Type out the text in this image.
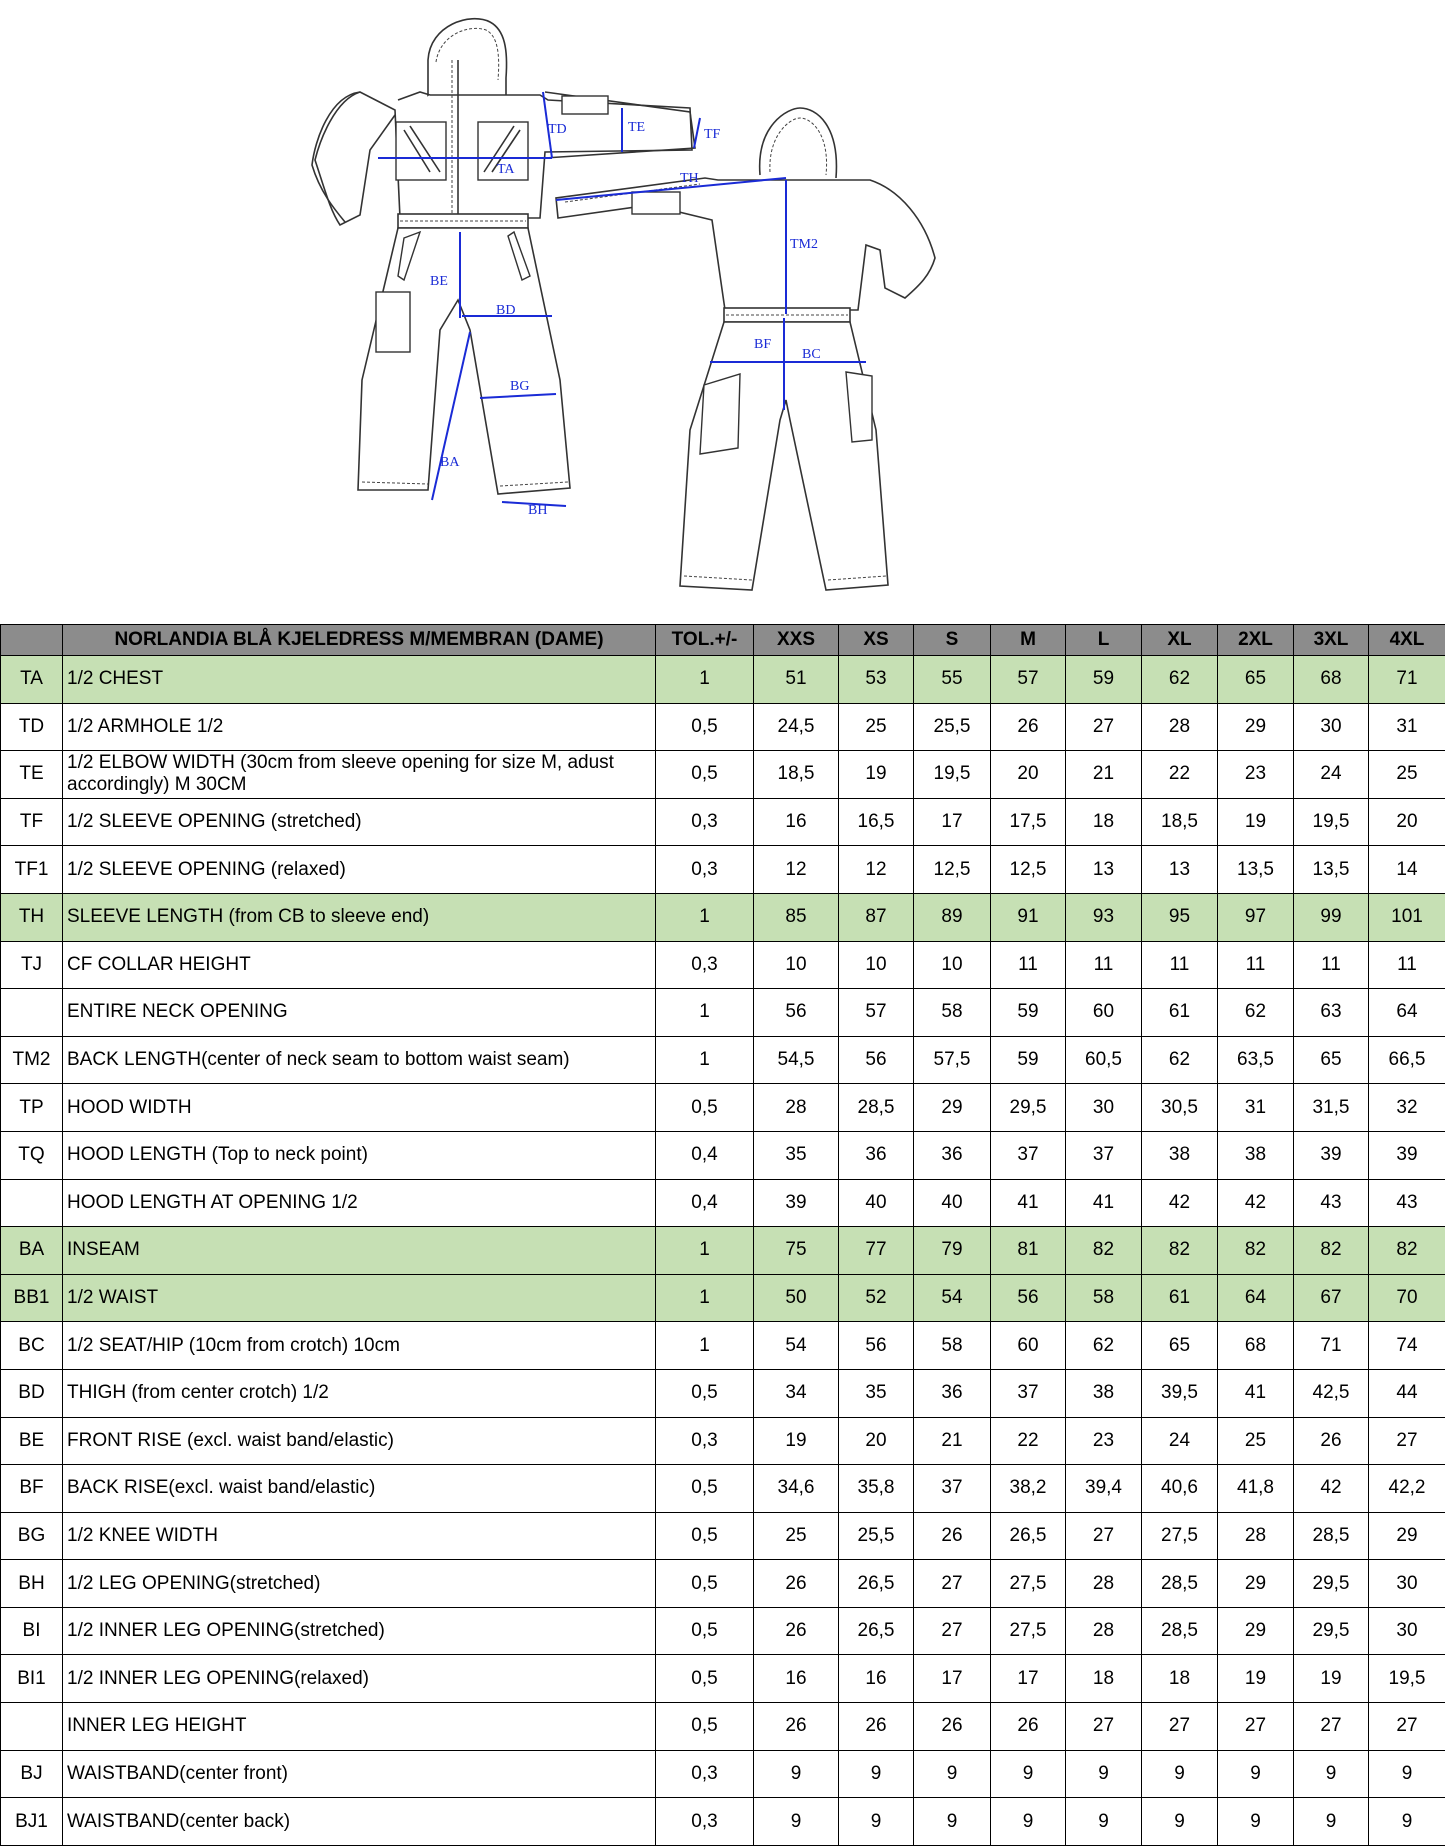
TA
TD	TE	TF
BE
BD
BG
BA
BH
TH
TM2
BF
BC
	NORLANDIA BLÅ KJELEDRESS M/MEMBRAN (DAME)	TOL.+/-	XXS	XS	S	M	L	XL	2XL	3XL	4XL
TA	1/2 CHEST	1	51	53	55	57	59	62	65	68	71
TD	1/2 ARMHOLE 1/2	0,5	24,5	25	25,5	26	27	28	29	30	31
TE	1/2 ELBOW WIDTH (30cm from sleeve opening for size M, adust accordingly) M 30CM	0,5	18,5	19	19,5	20	21	22	23	24	25
TF	1/2 SLEEVE OPENING (stretched)	0,3	16	16,5	17	17,5	18	18,5	19	19,5	20
TF1	1/2 SLEEVE OPENING (relaxed)	0,3	12	12	12,5	12,5	13	13	13,5	13,5	14
TH	SLEEVE LENGTH (from CB to sleeve end)	1	85	87	89	91	93	95	97	99	101
TJ	CF COLLAR HEIGHT	0,3	10	10	10	11	11	11	11	11	11
	ENTIRE NECK OPENING	1	56	57	58	59	60	61	62	63	64
TM2	BACK LENGTH(center of neck seam to bottom waist seam)	1	54,5	56	57,5	59	60,5	62	63,5	65	66,5
TP	HOOD WIDTH	0,5	28	28,5	29	29,5	30	30,5	31	31,5	32
TQ	HOOD LENGTH (Top to neck point)	0,4	35	36	36	37	37	38	38	39	39
	HOOD LENGTH AT OPENING 1/2	0,4	39	40	40	41	41	42	42	43	43
BA	INSEAM	1	75	77	79	81	82	82	82	82	82
BB1	1/2 WAIST	1	50	52	54	56	58	61	64	67	70
BC	1/2 SEAT/HIP (10cm from crotch) 10cm	1	54	56	58	60	62	65	68	71	74
BD	THIGH (from center crotch) 1/2	0,5	34	35	36	37	38	39,5	41	42,5	44
BE	FRONT RISE (excl. waist band/elastic)	0,3	19	20	21	22	23	24	25	26	27
BF	BACK RISE(excl. waist band/elastic)	0,5	34,6	35,8	37	38,2	39,4	40,6	41,8	42	42,2
BG	1/2 KNEE WIDTH	0,5	25	25,5	26	26,5	27	27,5	28	28,5	29
BH	1/2 LEG OPENING(stretched)	0,5	26	26,5	27	27,5	28	28,5	29	29,5	30
BI	1/2 INNER LEG OPENING(stretched)	0,5	26	26,5	27	27,5	28	28,5	29	29,5	30
BI1	1/2 INNER LEG OPENING(relaxed)	0,5	16	16	17	17	18	18	19	19	19,5
	INNER LEG HEIGHT	0,5	26	26	26	26	27	27	27	27	27
BJ	WAISTBAND(center front)	0,3	9	9	9	9	9	9	9	9	9
BJ1	WAISTBAND(center back)	0,3	9	9	9	9	9	9	9	9	9
